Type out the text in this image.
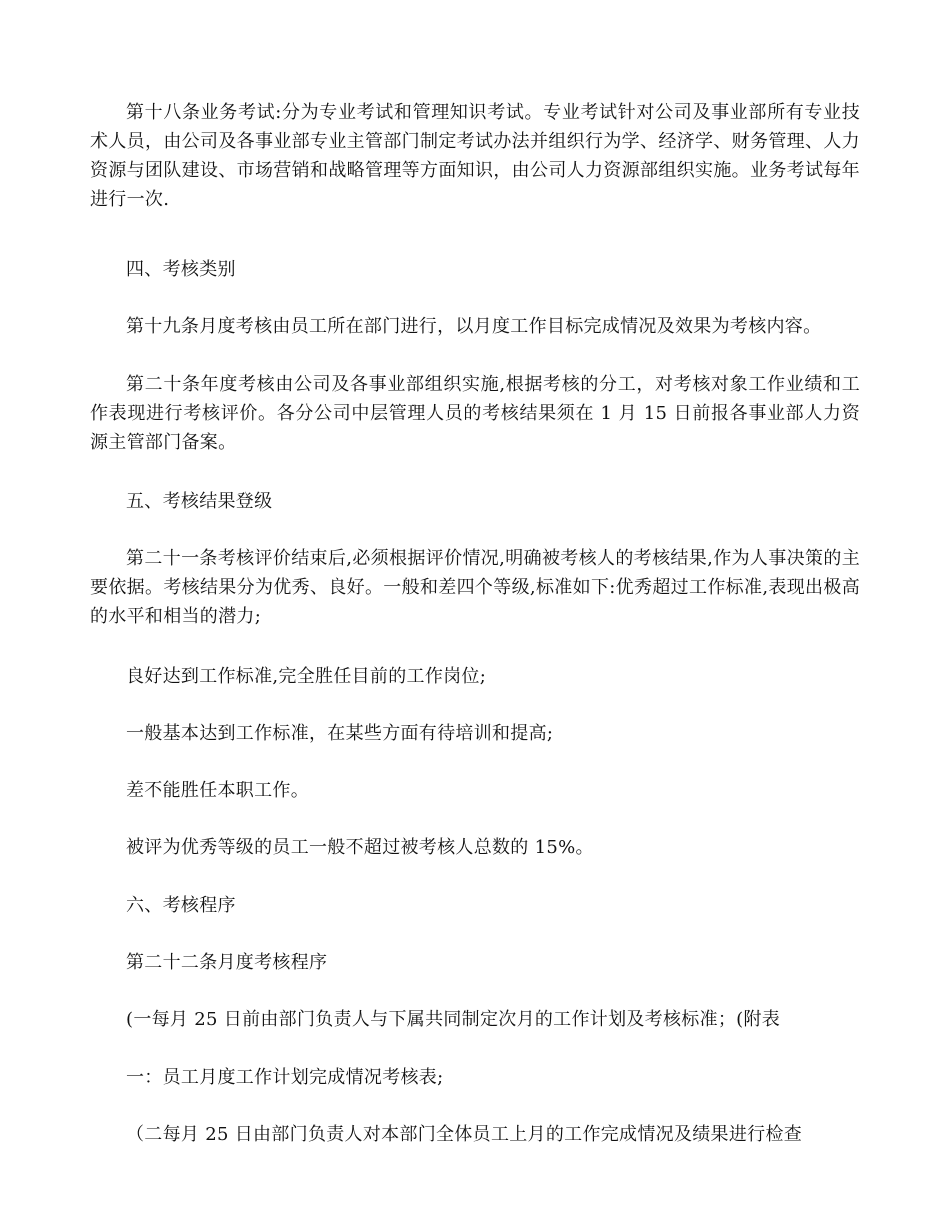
第十八条业务考试:分为专业考试和管理知识考试。专业考试针对公司及事业部所有专业技术人员，由公司及各事业部专业主管部门制定考试办法并组织行为学、经济学、财务管理、人力资源与团队建设、市场营销和战略管理等方面知识，由公司人力资源部组织实施。业务考试每年进行一次.

四、考核类别

第十九条月度考核由员工所在部门进行，以月度工作目标完成情况及效果为考核内容。

第二十条年度考核由公司及各事业部组织实施,根据考核的分工，对考核对象工作业绩和工作表现进行考核评价。各分公司中层管理人员的考核结果须在 1 月 15 日前报各事业部人力资源主管部门备案。

五、考核结果登级

第二十一条考核评价结束后,必须根据评价情况,明确被考核人的考核结果,作为人事决策的主要依据。考核结果分为优秀、良好。一般和差四个等级,标准如下:优秀超过工作标准,表现出极高的水平和相当的潜力;

良好达到工作标准,完全胜任目前的工作岗位;

一般基本达到工作标准，在某些方面有待培训和提高;

差不能胜任本职工作。

被评为优秀等级的员工一般不超过被考核人总数的 15%。

六、考核程序

第二十二条月度考核程序

(一每月 25 日前由部门负责人与下属共同制定次月的工作计划及考核标准；(附表

一：员工月度工作计划完成情况考核表;

（二每月 25 日由部门负责人对本部门全体员工上月的工作完成情况及绩果进行检查
